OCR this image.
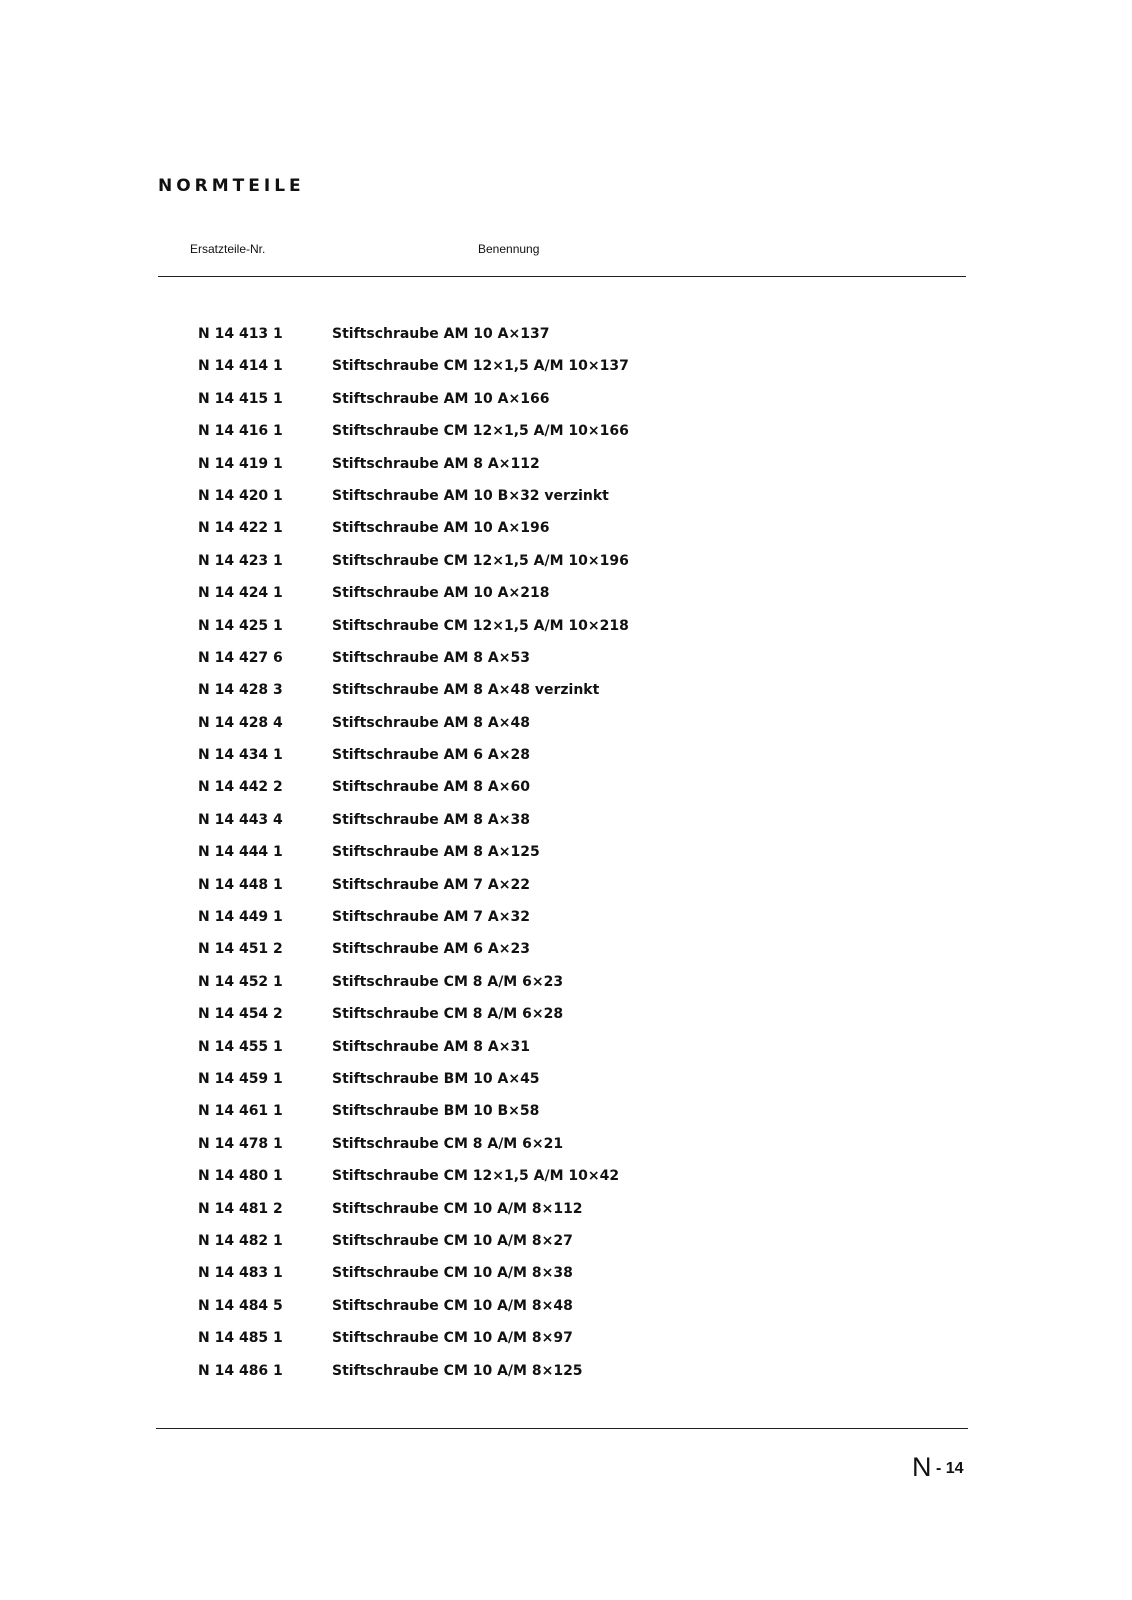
NORMTEILE
Ersatzteile-Nr.	Benennung
N 14 413 1	Stiftschraube AM 10 A×137
N 14 414 1	Stiftschraube CM 12×1,5 A/M 10×137
N 14 415 1	Stiftschraube AM 10 A×166
N 14 416 1	Stiftschraube CM 12×1,5 A/M 10×166
N 14 419 1	Stiftschraube AM 8 A×112
N 14 420 1	Stiftschraube AM 10 B×32 verzinkt
N 14 422 1	Stiftschraube AM 10 A×196
N 14 423 1	Stiftschraube CM 12×1,5 A/M 10×196
N 14 424 1	Stiftschraube AM 10 A×218
N 14 425 1	Stiftschraube CM 12×1,5 A/M 10×218
N 14 427 6	Stiftschraube AM 8 A×53
N 14 428 3	Stiftschraube AM 8 A×48 verzinkt
N 14 428 4	Stiftschraube AM 8 A×48
N 14 434 1	Stiftschraube AM 6 A×28
N 14 442 2	Stiftschraube AM 8 A×60
N 14 443 4	Stiftschraube AM 8 A×38
N 14 444 1	Stiftschraube AM 8 A×125
N 14 448 1	Stiftschraube AM 7 A×22
N 14 449 1	Stiftschraube AM 7 A×32
N 14 451 2	Stiftschraube AM 6 A×23
N 14 452 1	Stiftschraube CM 8 A/M 6×23
N 14 454 2	Stiftschraube CM 8 A/M 6×28
N 14 455 1	Stiftschraube AM 8 A×31
N 14 459 1	Stiftschraube BM 10 A×45
N 14 461 1	Stiftschraube BM 10 B×58
N 14 478 1	Stiftschraube CM 8 A/M 6×21
N 14 480 1	Stiftschraube CM 12×1,5 A/M 10×42
N 14 481 2	Stiftschraube CM 10 A/M 8×112
N 14 482 1	Stiftschraube CM 10 A/M 8×27
N 14 483 1	Stiftschraube CM 10 A/M 8×38
N 14 484 5	Stiftschraube CM 10 A/M 8×48
N 14 485 1	Stiftschraube CM 10 A/M 8×97
N 14 486 1	Stiftschraube CM 10 A/M 8×125
N - 14
